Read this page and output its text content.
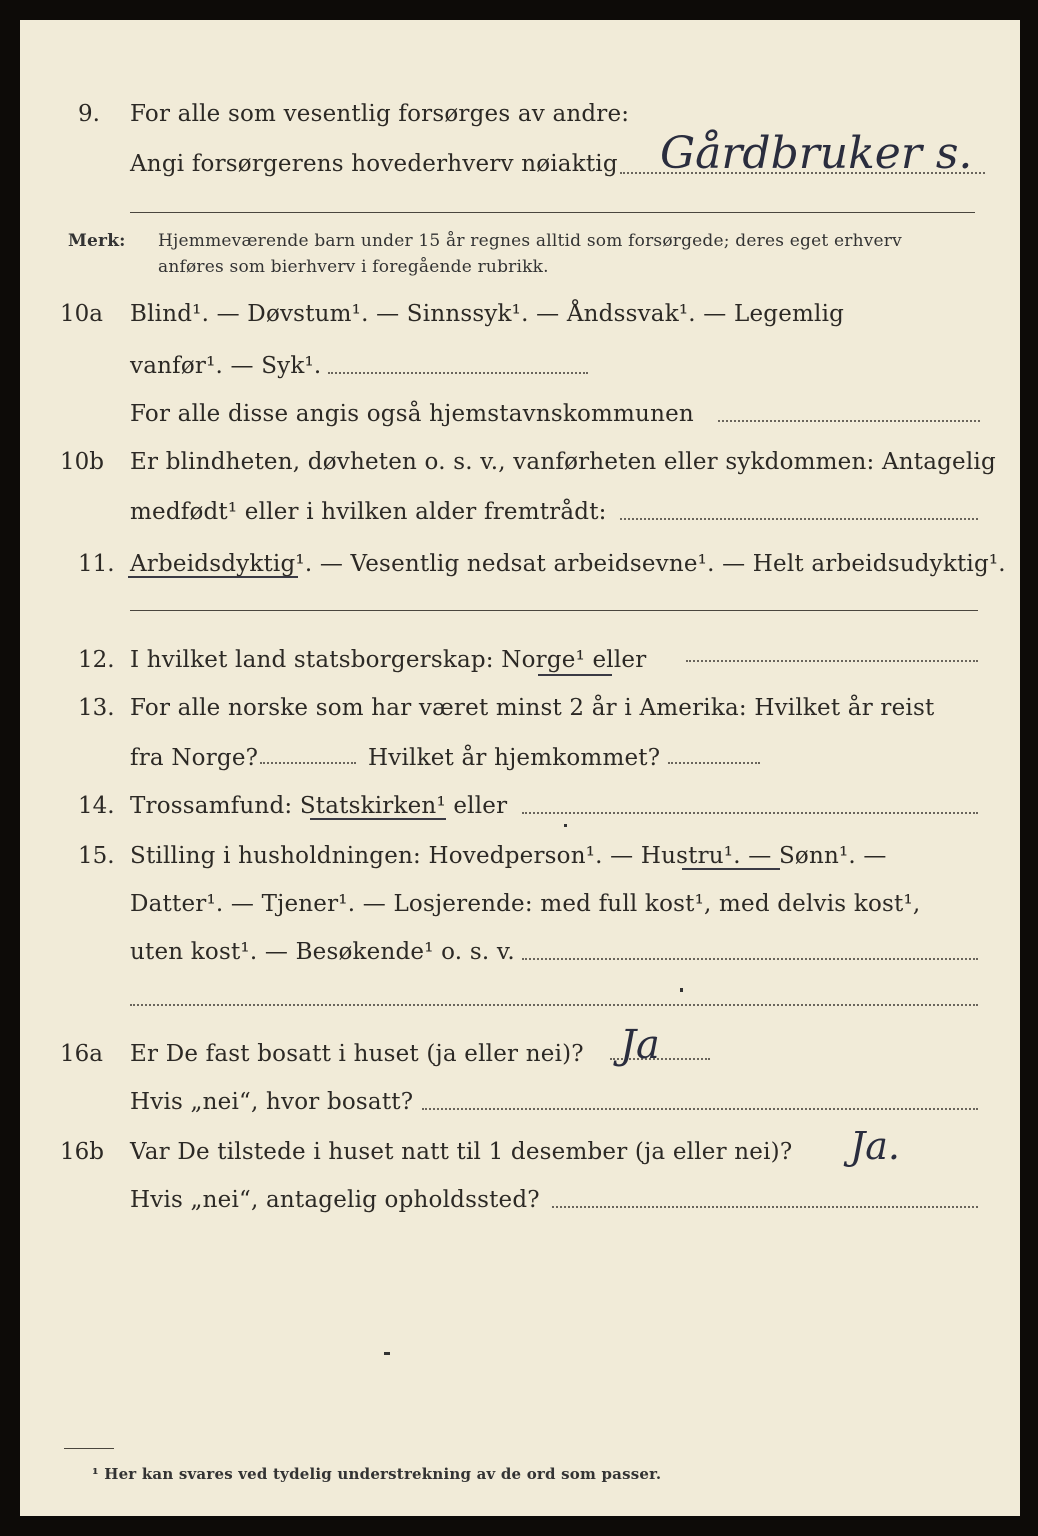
9. For alle som vesentlig forsørges av andre:
Angi forsørgerens hovederhverv nøiaktig Gårdbruker s.
Merk: Hjemmeværende barn under 15 år regnes alltid som forsørgede; deres eget erhverv
anføres som bierhverv i foregående rubrikk.
10a Blind¹. — Døvstum¹. — Sinnssyk¹. — Åndssvak¹. — Legemlig
vanfør¹. — Syk¹.
For alle disse angis også hjemstavnskommunen
10b Er blindheten, døvheten o. s. v., vanførheten eller sykdommen: Antagelig
medfødt¹ eller i hvilken alder fremtrådt:
11. Arbeidsdyktig¹. — Vesentlig nedsat arbeidsevne¹. — Helt arbeidsudyktig¹.
12. I hvilket land statsborgerskap: Norge¹ eller
13. For alle norske som har været minst 2 år i Amerika: Hvilket år reist
fra Norge?	Hvilket år hjemkommet?
14. Trossamfund: Statskirken¹ eller
15. Stilling i husholdningen: Hovedperson¹. — Hustru¹. — Sønn¹. —
Datter¹. — Tjener¹. — Losjerende: med full kost¹, med delvis kost¹,
uten kost¹. — Besøkende¹ o. s. v.
16a Er De fast bosatt i huset (ja eller nei)? Ja
Hvis „nei“, hvor bosatt?
16b Var De tilstede i huset natt til 1 desember (ja eller nei)? Ja.
Hvis „nei“, antagelig opholdssted?
¹ Her kan svares ved tydelig understrekning av de ord som passer.
